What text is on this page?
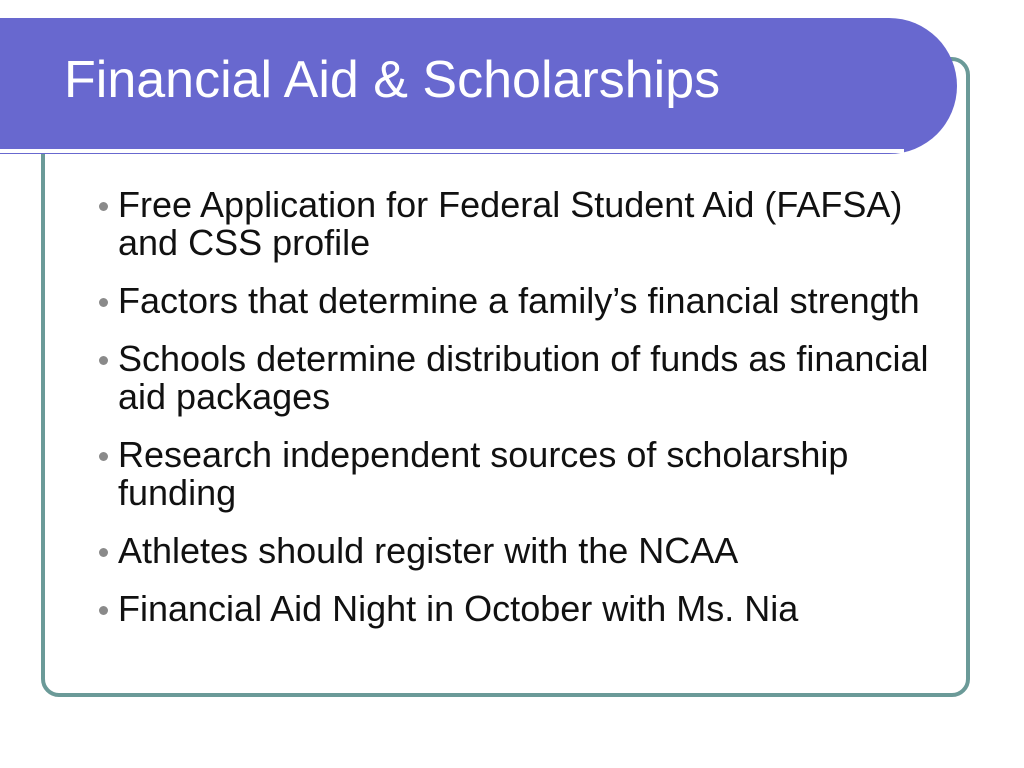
Financial Aid & Scholarships
Free Application for Federal Student Aid (FAFSA) and CSS profile
Factors that determine a family’s financial strength
Schools determine distribution of funds as financial aid packages
Research independent sources of scholarship funding
Athletes should register with the NCAA
Financial Aid Night in October with Ms. Nia
